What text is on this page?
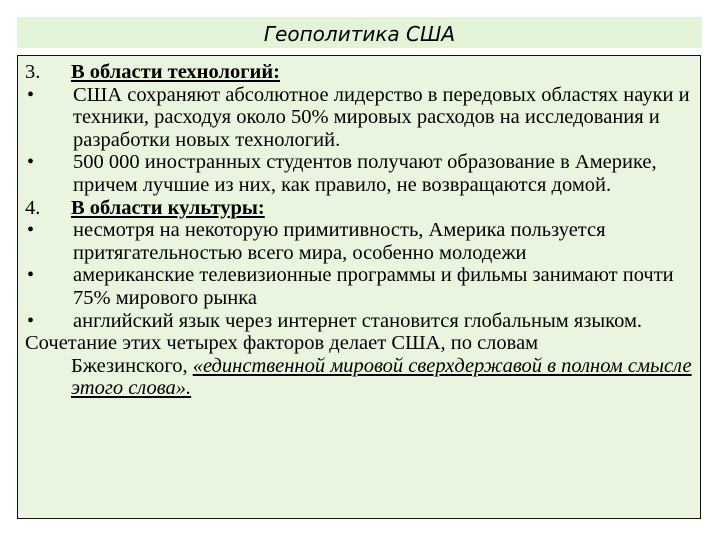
Геополитика США
3.	В области технологий:
•	США сохраняют абсолютное лидерство в передовых областях науки и техники, расходуя около 50% мировых расходов на исследования и разработки новых технологий.
•	500 000 иностранных студентов получают образование в Америке, причем лучшие из них, как правило, не возвращаются домой.
4.	В области культуры:
•	несмотря на некоторую примитивность, Америка пользуется притягательностью всего мира, особенно молодежи
•	американские телевизионные программы и фильмы занимают почти 75% мирового рынка
•	английский язык через интернет становится глобальным языком.
Сочетание этих четырех факторов делает США, по словам
Бжезинского, «единственной мировой сверхдержавой в полном смысле этого слова».
